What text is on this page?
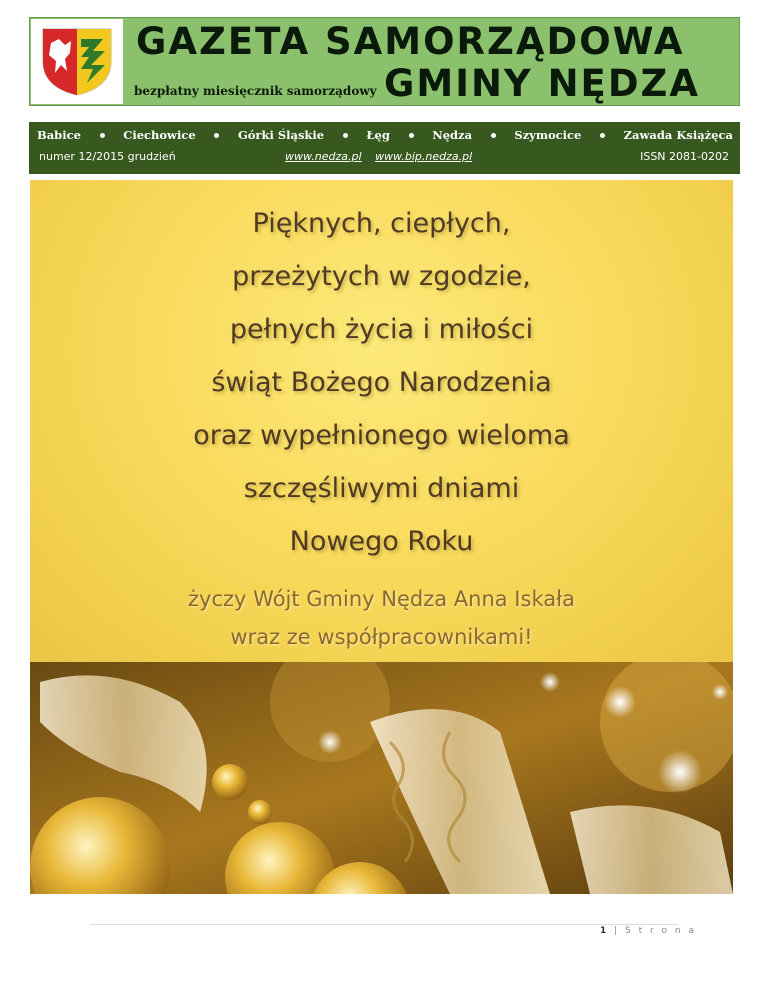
GAZETA SAMORZĄDOWA
bezpłatny miesięcznik samorządowy GMINY NĘDZA
Babice	Ciechowice	Górki Śląskie	Łęg	Nędza	Szymocice	Zawada Książęca
numer 12/2015 grudzień	www.nedza.pl www.bip.nedza.pl	ISSN 2081-0202
Pięknych, ciepłych,
przeżytych w zgodzie,
pełnych życia i miłości
świąt Bożego Narodzenia
oraz wypełnionego wieloma
szczęśliwymi dniami
Nowego Roku
życzy Wójt Gminy Nędza Anna Iskała
wraz ze współpracownikami!
1 | S t r o n a
